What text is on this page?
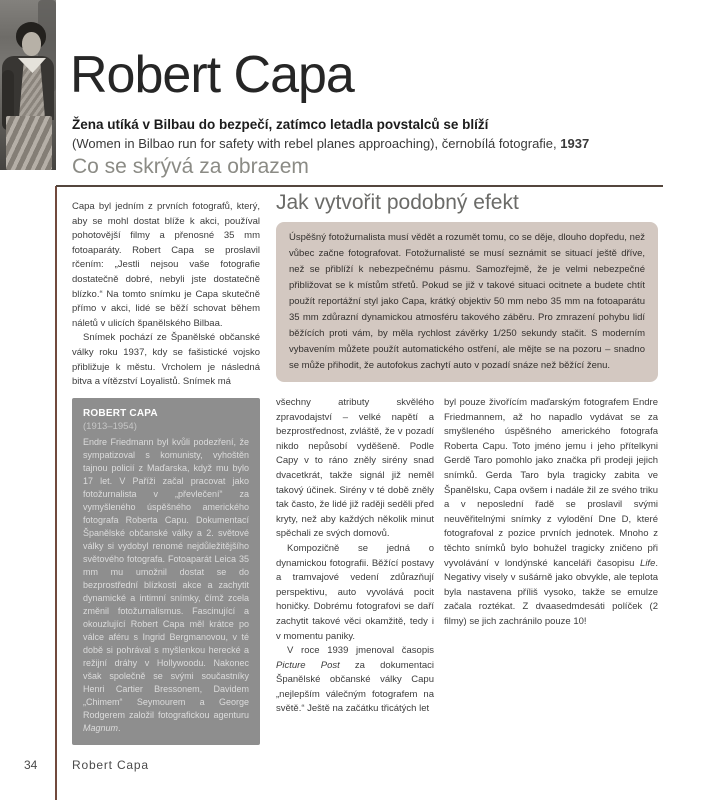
Robert Capa
Žena utíká v Bilbau do bezpečí, zatímco letadla povstalců se blíží
(Women in Bilbao run for safety with rebel planes approaching), černobílá fotografie, 1937
Co se skrývá za obrazem

Capa byl jedním z prvních fotografů, který, aby se mohl dostat blíže k akci, používal pohotovější filmy a přenosné 35 mm fotoaparáty. Robert Capa se proslavil rčením: „Jestli nejsou vaše fotografie dostatečně dobré, nebyli jste dostatečně blízko.“ Na tomto snímku je Capa skutečně přímo v akci, lidé se běží schovat během náletů v ulicích španělského Bilbaa.

Snímek pochází ze Španělské občanské války roku 1937, kdy se fašistické vojsko přibližuje k městu. Vrcholem je následná bitva a vítězství Loyalistů. Snímek má

ROBERT CAPA
(1913–1954)

Endre Friedmann byl kvůli podezření, že sympatizoval s komunisty, vyhoštěn tajnou policií z Maďarska, když mu bylo 17 let. V Paříži začal pracovat jako fotožurnalista v „převlečení“ za vymyšleného úspěšného amerického fotografa Roberta Capu. Dokumentací Španělské občanské války a 2. světové války si vydobyl renomé nejdůležitějšího světového fotografa. Fotoaparát Leica 35 mm mu umožnil dostat se do bezprostřední blízkosti akce a zachytit dynamické a intimní snímky, čímž zcela změnil fotožurnalismus. Fascinující a okouzlující Robert Capa měl krátce po válce aféru s Ingrid Bergmanovou, v té době si pohrával s myšlenkou herecké a režijní dráhy v Hollywoodu. Nakonec však společně se svými součastníky Henri Cartier Bressonem, Davidem „Chimem“ Seymourem a George Rodgerem založil fotografickou agenturu Magnum.

Jak vytvořit podobný efekt

Úspěšný fotožurnalista musí vědět a rozumět tomu, co se děje, dlouho dopředu, než vůbec začne fotografovat. Fotožurnalisté se musí seznámit se situací ještě dříve, než se přiblíží k nebezpečnému pásmu. Samozřejmě, že je velmi nebezpečné přibližovat se k místům střetů. Pokud se již v takové situaci ocitnete a budete chtít použít reportážní styl jako Capa, krátký objektiv 50 mm nebo 35 mm na fotoaparátu 35 mm zdůrazní dynamickou atmosféru takového záběru. Pro zmrazení pohybu lidí běžících proti vám, by měla rychlost závěrky 1/250 sekundy stačit. S moderním vybavením můžete použít automatického ostření, ale mějte se na pozoru – snadno se může přihodit, že autofokus zachytí auto v pozadí snáze než běžící ženu.

všechny atributy skvělého zpravodajství – velké napětí a bezprostřednost, zvláště, že v pozadí nikdo nepůsobí vyděšeně. Podle Capy v to ráno zněly sirény snad dvacetkrát, takže signál již neměl takový účinek. Sirény v té době zněly tak často, že lidé již raději seděli před kryty, než aby každých několik minut spěchali ze svých domovů.

Kompozičně se jedná o dynamickou fotografii. Běžící postavy a tramvajové vedení zdůrazňují perspektivu, auto vyvolává pocit honičky. Dobrému fotografovi se daří zachytit takové věci okamžitě, tedy i v momentu paniky.

V roce 1939 jmenoval časopis Picture Post za dokumentaci Španělské občanské války Capu „nejlepším válečným fotografem na světě.“ Ještě na začátku třicátých let

byl pouze živořícím maďarským fotografem Endre Friedmannem, až ho napadlo vydávat se za smyšleného úspěšného amerického fotografa Roberta Capu. Toto jméno jemu i jeho přítelkyni Gerdě Taro pomohlo jako značka při prodeji jejich snímků. Gerda Taro byla tragicky zabita ve Španělsku, Capa ovšem i nadále žil ze svého triku a v neposlední řadě se proslavil svými neuvěřitelnými snímky z vylodění Dne D, které fotografoval z pozice prvních jednotek. Mnoho z těchto snímků bylo bohužel tragicky zničeno při vyvolávání v londýnské kanceláři časopisu Life. Negativy visely v sušárně jako obvykle, ale teplota byla nastavena příliš vysoko, takže se emulze začala roztékat. Z dvaasedmdesáti políček (2 filmy) se jich zachránilo pouze 10!

34	Robert Capa
